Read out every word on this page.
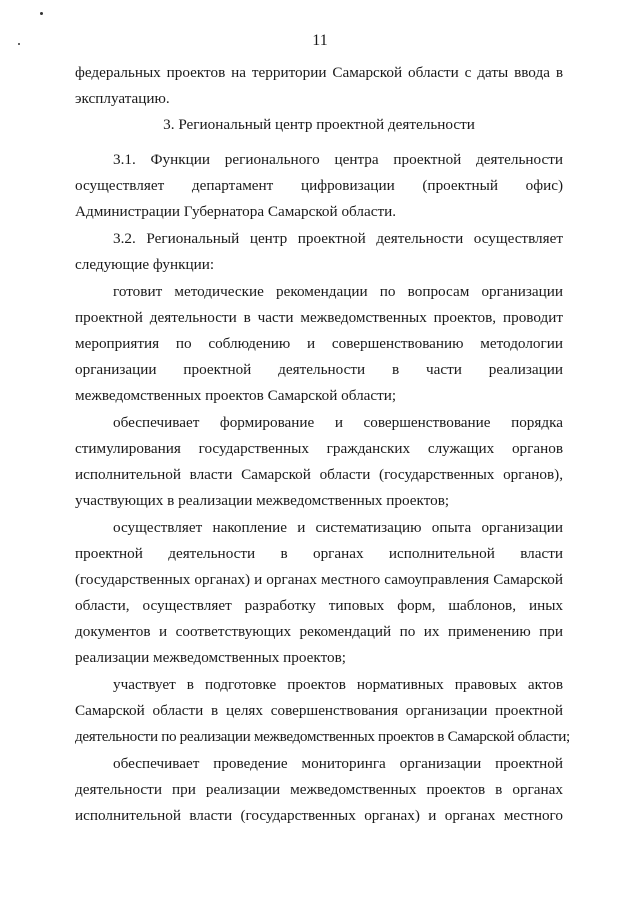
11
федеральных проектов на территории Самарской области с даты ввода в
эксплуатацию.
3. Региональный центр проектной деятельности
3.1. Функции регионального центра проектной деятельности
осуществляет департамент цифровизации (проектный офис)
Администрации Губернатора Самарской области.
3.2. Региональный центр проектной деятельности осуществляет
следующие функции:
готовит методические рекомендации по вопросам организации
проектной деятельности в части межведомственных проектов, проводит
мероприятия по соблюдению и совершенствованию методологии
организации проектной деятельности в части реализации
межведомственных проектов Самарской области;
обеспечивает формирование и совершенствование порядка
стимулирования государственных гражданских служащих органов
исполнительной власти Самарской области (государственных органов),
участвующих в реализации межведомственных проектов;
осуществляет накопление и систематизацию опыта организации
проектной деятельности в органах исполнительной власти
(государственных органах) и органах местного самоуправления Самарской
области, осуществляет разработку типовых форм, шаблонов, иных
документов и соответствующих рекомендаций по их применению при
реализации межведомственных проектов;
участвует в подготовке проектов нормативных правовых актов
Самарской области в целях совершенствования организации проектной
деятельности по реализации межведомственных проектов в Самарской области;
обеспечивает проведение мониторинга организации проектной
деятельности при реализации межведомственных проектов в органах
исполнительной власти (государственных органах) и органах местного
